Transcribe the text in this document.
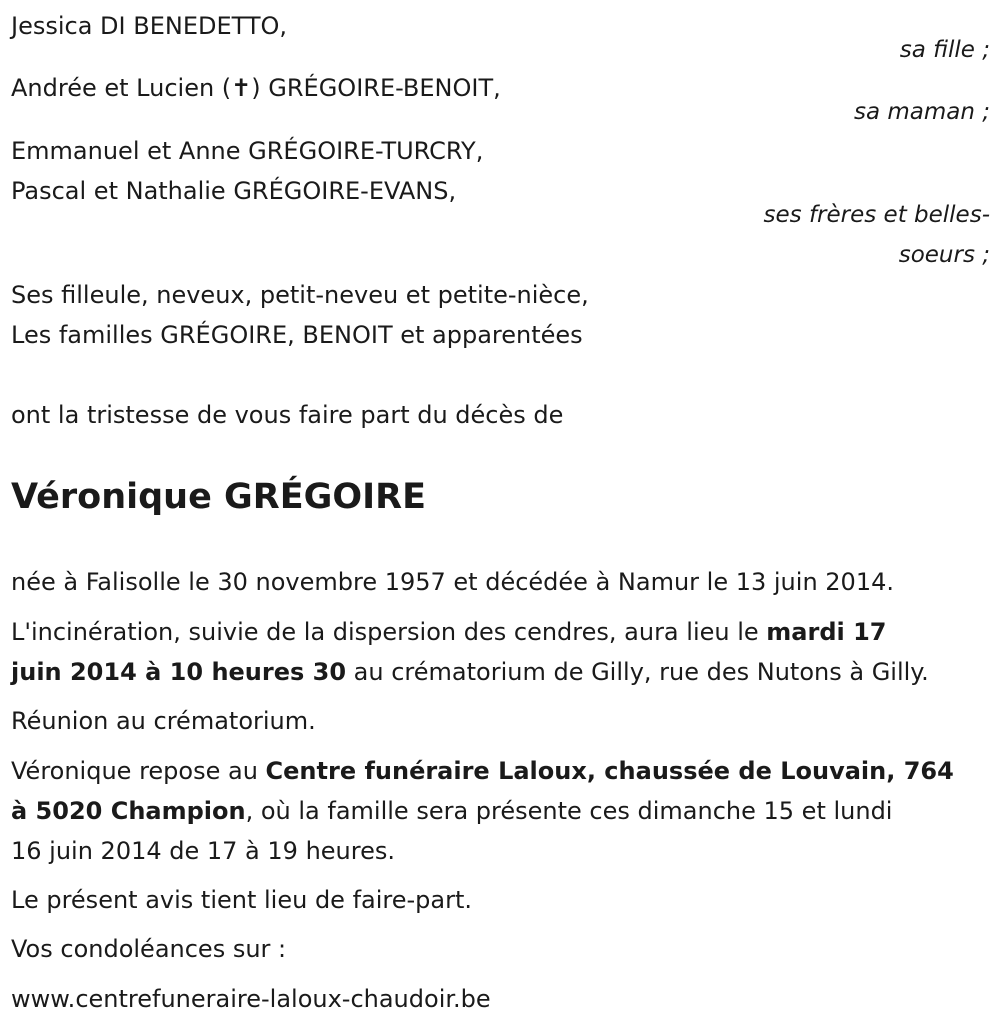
Jessica DI BENEDETTO,
sa fille ;
Andrée et Lucien (✝) GRÉGOIRE-BENOIT,
sa maman ;
Emmanuel et Anne GRÉGOIRE-TURCRY,
Pascal et Nathalie GRÉGOIRE-EVANS,
ses frères et belles-
soeurs ;
Ses filleule, neveux, petit-neveu et petite-nièce,
Les familles GRÉGOIRE, BENOIT et apparentées
ont la tristesse de vous faire part du décès de
Véronique GRÉGOIRE
née à Falisolle le 30 novembre 1957 et décédée à Namur le 13 juin 2014.
L'incinération, suivie de la dispersion des cendres, aura lieu le mardi 17
juin 2014 à 10 heures 30 au crématorium de Gilly, rue des Nutons à Gilly.
Réunion au crématorium.
Véronique repose au Centre funéraire Laloux, chaussée de Louvain, 764
à 5020 Champion, où la famille sera présente ces dimanche 15 et lundi
16 juin 2014 de 17 à 19 heures.
Le présent avis tient lieu de faire-part.
Vos condoléances sur :
www.centrefuneraire-laloux-chaudoir.be
